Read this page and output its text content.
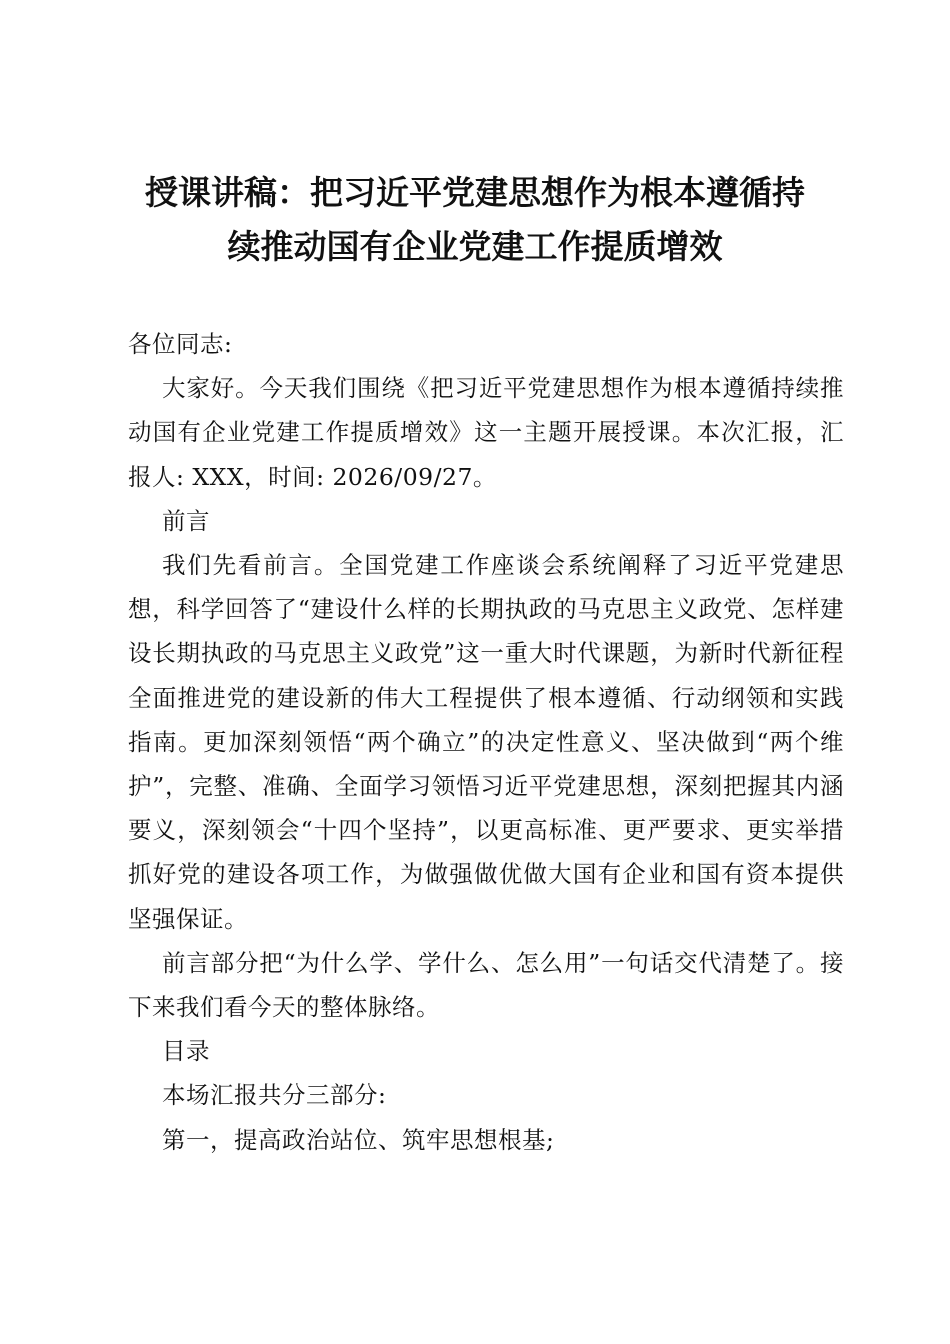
授课讲稿：把习近平党建思想作为根本遵循持
续推动国有企业党建工作提质增效

各位同志:

大家好。今天我们围绕《把习近平党建思想作为根本遵循持续推动国有企业党建工作提质增效》这一主题开展授课。本次汇报，汇报人: XXX，时间: 2026/09/27。

前言

我们先看前言。全国党建工作座谈会系统阐释了习近平党建思想，科学回答了“建设什么样的长期执政的马克思主义政党、怎样建设长期执政的马克思主义政党”这一重大时代课题，为新时代新征程全面推进党的建设新的伟大工程提供了根本遵循、行动纲领和实践指南。更加深刻领悟“两个确立”的决定性意义、坚决做到“两个维护”，完整、准确、全面学习领悟习近平党建思想，深刻把握其内涵要义，深刻领会“十四个坚持”，以更高标准、更严要求、更实举措抓好党的建设各项工作，为做强做优做大国有企业和国有资本提供坚强保证。

前言部分把“为什么学、学什么、怎么用”一句话交代清楚了。接下来我们看今天的整体脉络。

目录

本场汇报共分三部分:

第一，提高政治站位、筑牢思想根基;
